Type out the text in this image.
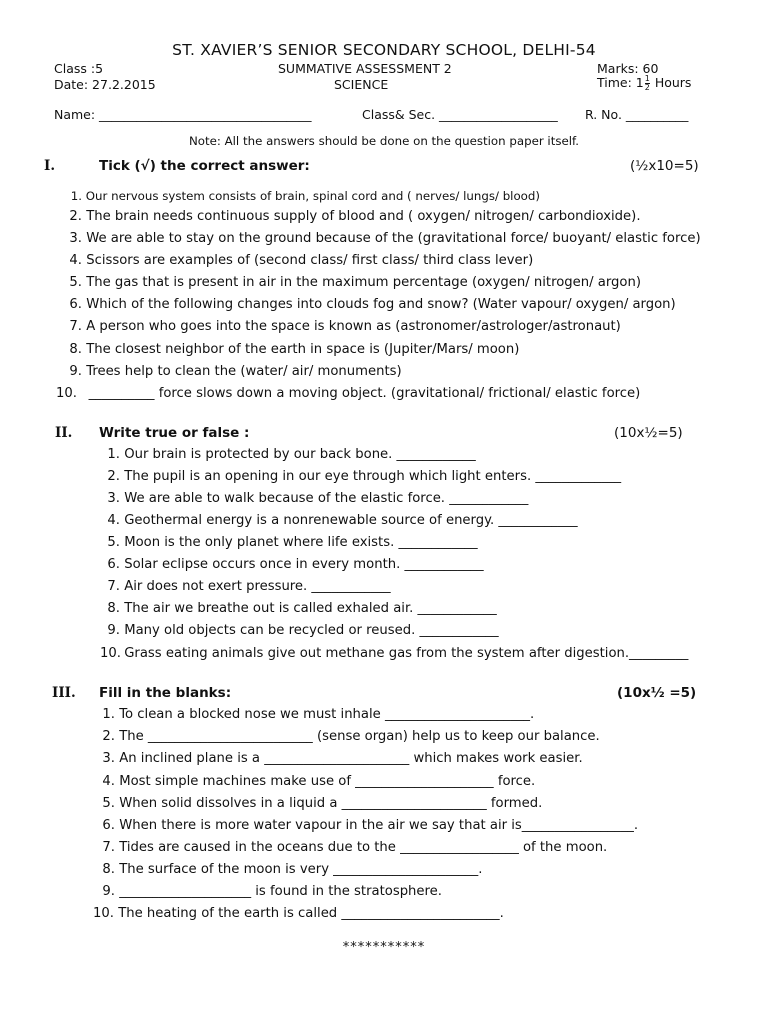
ST. XAVIER’S SENIOR SECONDARY SCHOOL, DELHI-54
Class :5	SUMMATIVE ASSESSMENT 2	Marks: 60
Date: 27.2.2015	SCIENCE	Time: $1 \frac{1}{2}$ Hours
Name: __________________________________	Class& Sec. ___________________ R. No. __________
Note: All the answers should be done on the question paper itself.
I.	Tick (√) the correct answer:	(½x10=5)
1. Our nervous system consists of brain, spinal cord and ( nerves/ lungs/ blood)
2. The brain needs continuous supply of blood and ( oxygen/ nitrogen/ carbondioxide).
3. We are able to stay on the ground because of the (gravitational force/ buoyant/ elastic force)
4. Scissors are examples of (second class/ first class/ third class lever)
5. The gas that is present in air in the maximum percentage (oxygen/ nitrogen/ argon)
6. Which of the following changes into clouds fog and snow? (Water vapour/ oxygen/ argon)
7. A person who goes into the space is known as (astronomer/astrologer/astronaut)
8. The closest neighbor of the earth in space is (Jupiter/Mars/ moon)
9. Trees help to clean the (water/ air/ monuments)
10. __________ force slows down a moving object. (gravitational/ frictional/ elastic force)
II. Write true or false :	(10x½=5)
1. Our brain is protected by our back bone. ____________
2. The pupil is an opening in our eye through which light enters. _____________
3. We are able to walk because of the elastic force. ____________
4. Geothermal energy is a nonrenewable source of energy. ____________
5. Moon is the only planet where life exists. ____________
6. Solar eclipse occurs once in every month. ____________
7. Air does not exert pressure. ____________
8. The air we breathe out is called exhaled air. ____________
9. Many old objects can be recycled or reused. ____________
10. Grass eating animals give out methane gas from the system after digestion._________
III. Fill in the blanks:	(10x½ =5)
1. To clean a blocked nose we must inhale ______________________.
2. The _________________________ (sense organ) help us to keep our balance.
3. An inclined plane is a ______________________ which makes work easier.
4. Most simple machines make use of _____________________ force.
5. When solid dissolves in a liquid a ______________________ formed.
6. When there is more water vapour in the air we say that air is_________________.
7. Tides are caused in the oceans due to the __________________ of the moon.
8. The surface of the moon is very ______________________.
9. ____________________ is found in the stratosphere.
10. The heating of the earth is called ________________________.
***********
